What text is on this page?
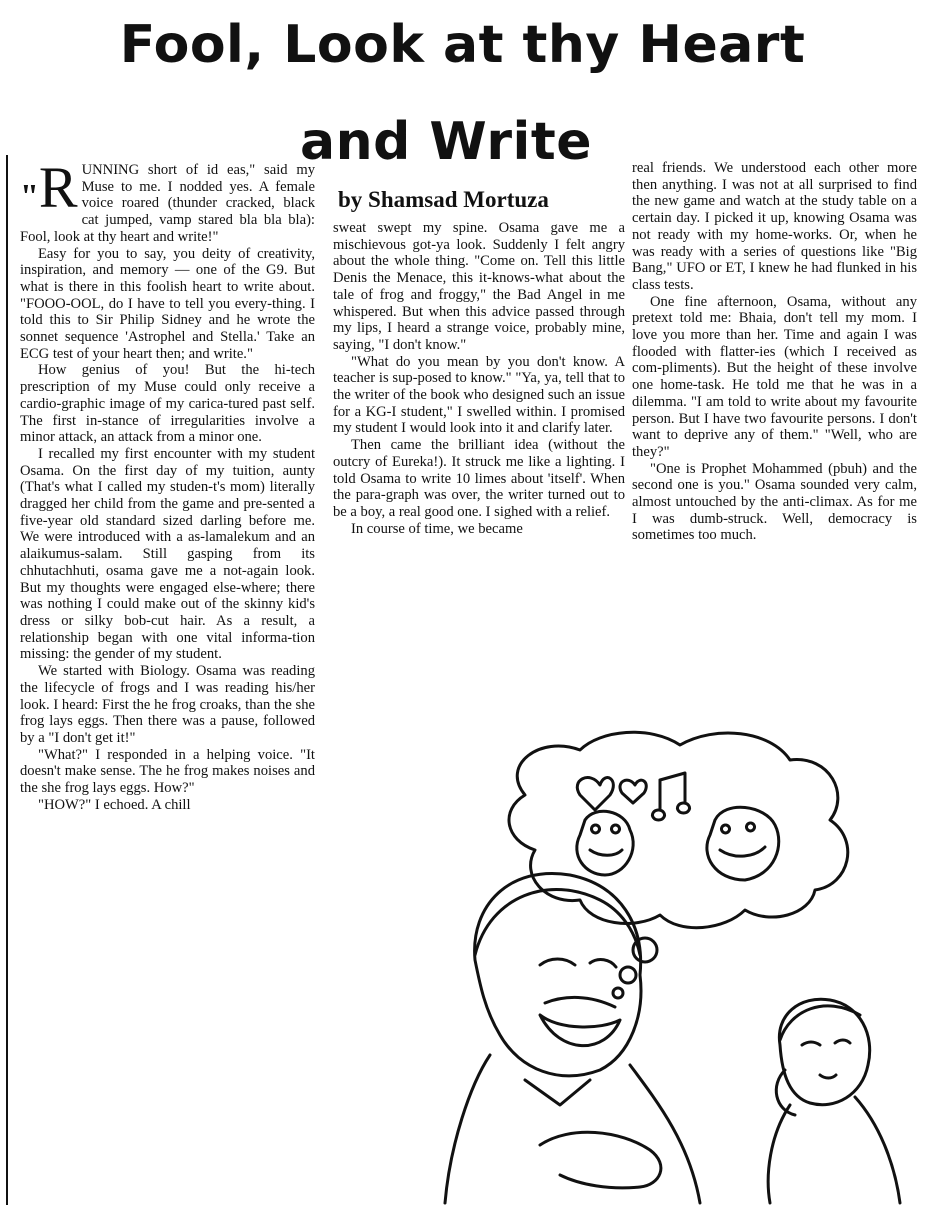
Fool, Look at thy Heart
and Write
by Shamsad Mortuza

"R UNNING short of id eas," said my Muse to me. I nodded yes. A female voice roared (thunder cracked, black cat jumped, vamp stared bla bla bla): Fool, look at thy heart and write!"

Easy for you to say, you deity of creativity, inspiration, and memory — one of the G9. But what is there in this foolish heart to write about. "FOOO-OOL, do I have to tell you every-thing. I told this to Sir Philip Sidney and he wrote the sonnet sequence 'Astrophel and Stella.' Take an ECG test of your heart then; and write."

How genius of you! But the hi-tech prescription of my Muse could only receive a cardio-graphic image of my carica-tured past self. The first in-stance of irregularities involve a minor attack, an attack from a minor one.

I recalled my first encounter with my student Osama. On the first day of my tuition, aunty (That's what I called my studen-t's mom) literally dragged her child from the game and pre-sented a five-year old standard sized darling before me. We were introduced with a as-lamalekum and an alaikumus-salam. Still gasping from its chhutachhuti, osama gave me a not-again look. But my thoughts were engaged else-where; there was nothing I could make out of the skinny kid's dress or silky bob-cut hair. As a result, a relationship began with one vital informa-tion missing: the gender of my student.

We started with Biology. Osama was reading the lifecycle of frogs and I was reading his/her look. I heard: First the he frog croaks, than the she frog lays eggs. Then there was a pause, followed by a "I don't get it!"

"What?" I responded in a helping voice. "It doesn't make sense. The he frog makes noises and the she frog lays eggs. How?"

"HOW?" I echoed. A chill

sweat swept my spine. Osama gave me a mischievous got-ya look. Suddenly I felt angry about the whole thing. "Come on. Tell this little Denis the Menace, this it-knows-what about the tale of frog and froggy," the Bad Angel in me whispered. But when this advice passed through my lips, I heard a strange voice, probably mine, saying, "I don't know."

"What do you mean by you don't know. A teacher is sup-posed to know." "Ya, ya, tell that to the writer of the book who designed such an issue for a KG-I student," I swelled within. I promised my student I would look into it and clarify later.

Then came the brilliant idea (without the outcry of Eureka!). It struck me like a lighting. I told Osama to write 10 limes about 'itself'. When the para-graph was over, the writer turned out to be a boy, a real good one. I sighed with a relief.

In course of time, we became

real friends. We understood each other more then anything. I was not at all surprised to find the new game and watch at the study table on a certain day. I picked it up, knowing Osama was not ready with my home-works. Or, when he was ready with a series of questions like "Big Bang," UFO or ET, I knew he had flunked in his class tests.

One fine afternoon, Osama, without any pretext told me: Bhaia, don't tell my mom. I love you more than her. Time and again I was flooded with flatter-ies (which I received as com-pliments). But the height of these involve one home-task. He told me that he was in a dilemma. "I am told to write about my favourite person. But I have two favourite persons. I don't want to deprive any of them." "Well, who are they?"

"One is Prophet Mohammed (pbuh) and the second one is you." Osama sounded very calm, almost untouched by the anti-climax. As for me I was dumb-struck. Well, democracy is sometimes too much.
